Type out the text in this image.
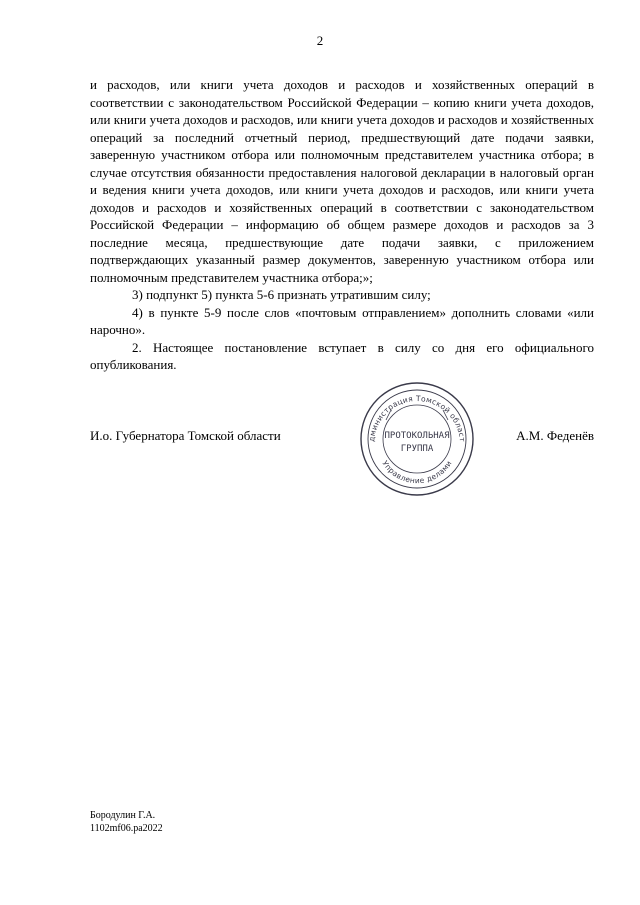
2

и расходов, или книги учета доходов и расходов и хозяйственных операций в соответствии с законодательством Российской Федерации – копию книги учета доходов, или книги учета доходов и расходов, или книги учета доходов и расходов и хозяйственных операций за последний отчетный период, предшествующий дате подачи заявки, заверенную участником отбора или полномочным представителем участника отбора; в случае отсутствия обязанности предоставления налоговой декларации в налоговый орган и ведения книги учета доходов, или книги учета доходов и расходов, или книги учета доходов и расходов и хозяйственных операций в соответствии с законодательством Российской Федерации – информацию об общем размере доходов и расходов за 3 последние месяца, предшествующие дате подачи заявки, с приложением подтверждающих указанный размер документов, заверенную участником отбора или полномочным представителем участника отбора;»;

3) подпункт 5) пункта 5-6 признать утратившим силу;

4) в пункте 5-9 после слов «почтовым отправлением» дополнить словами «или нарочно».

2. Настоящее постановление вступает в силу со дня его официального опубликования.

И.о. Губернатора Томской области	А.М. Феденёв
дминистрация Томской област
Управление делами
ПРОТОКОЛЬНАЯ
ГРУППА
Бородулин Г.А.
1102mf06.pa2022
